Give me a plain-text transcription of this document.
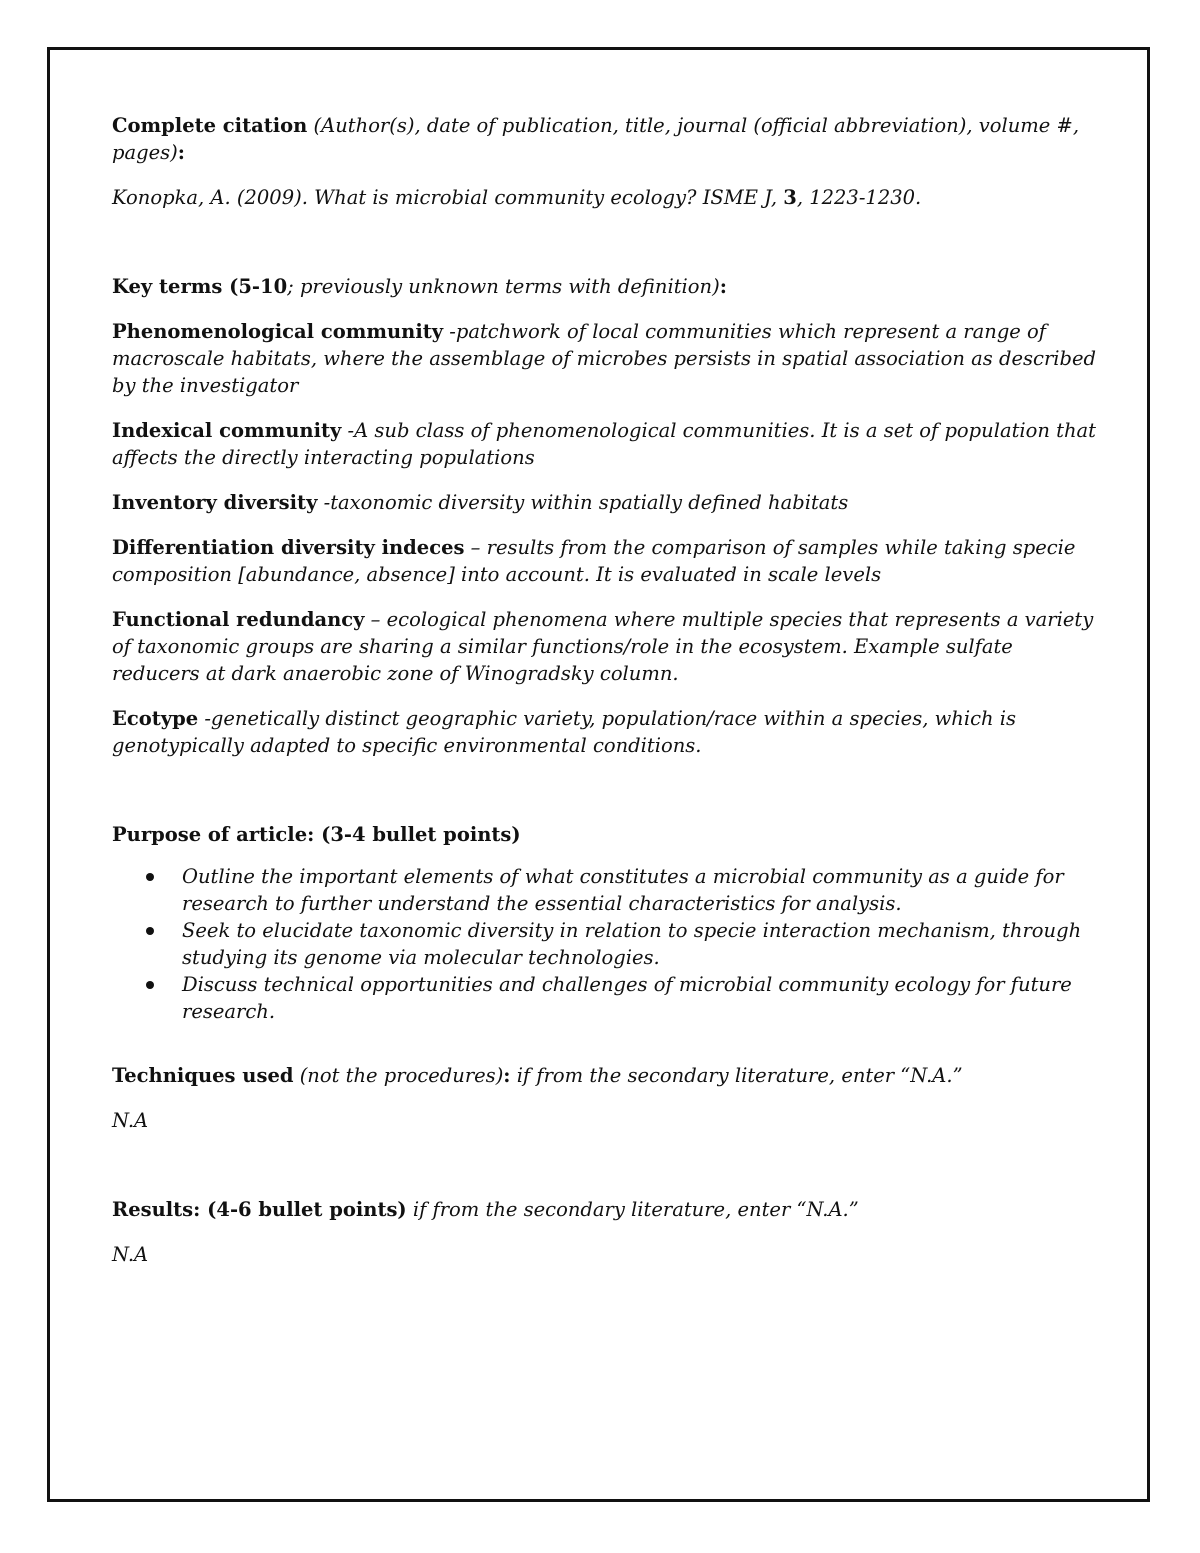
Complete citation (Author(s), date of publication, title, journal (official abbreviation), volume #, pages):

Konopka, A. (2009). What is microbial community ecology? ISME J, 3, 1223-1230.

Key terms (5-10; previously unknown terms with definition):

Phenomenological community -patchwork of local communities which represent a range of macroscale habitats, where the assemblage of microbes persists in spatial association as described by the investigator

Indexical community -A sub class of phenomenological communities. It is a set of population that affects the directly interacting populations

Inventory diversity -taxonomic diversity within spatially defined habitats

Differentiation diversity indeces – results from the comparison of samples while taking specie composition [abundance, absence] into account. It is evaluated in scale levels

Functional redundancy – ecological phenomena where multiple species that represents a variety of taxonomic groups are sharing a similar functions/role in the ecosystem. Example sulfate reducers at dark anaerobic zone of Winogradsky column.

Ecotype -genetically distinct geographic variety, population/race within a species, which is genotypically adapted to specific environmental conditions.

Purpose of article: (3-4 bullet points)

Outline the important elements of what constitutes a microbial community as a guide for research to further understand the essential characteristics for analysis.
Seek to elucidate taxonomic diversity in relation to specie interaction mechanism, through studying its genome via molecular technologies.
Discuss technical opportunities and challenges of microbial community ecology for future research.

Techniques used (not the procedures): if from the secondary literature, enter “N.A.”

N.A

Results: (4-6 bullet points) if from the secondary literature, enter “N.A.”

N.A
